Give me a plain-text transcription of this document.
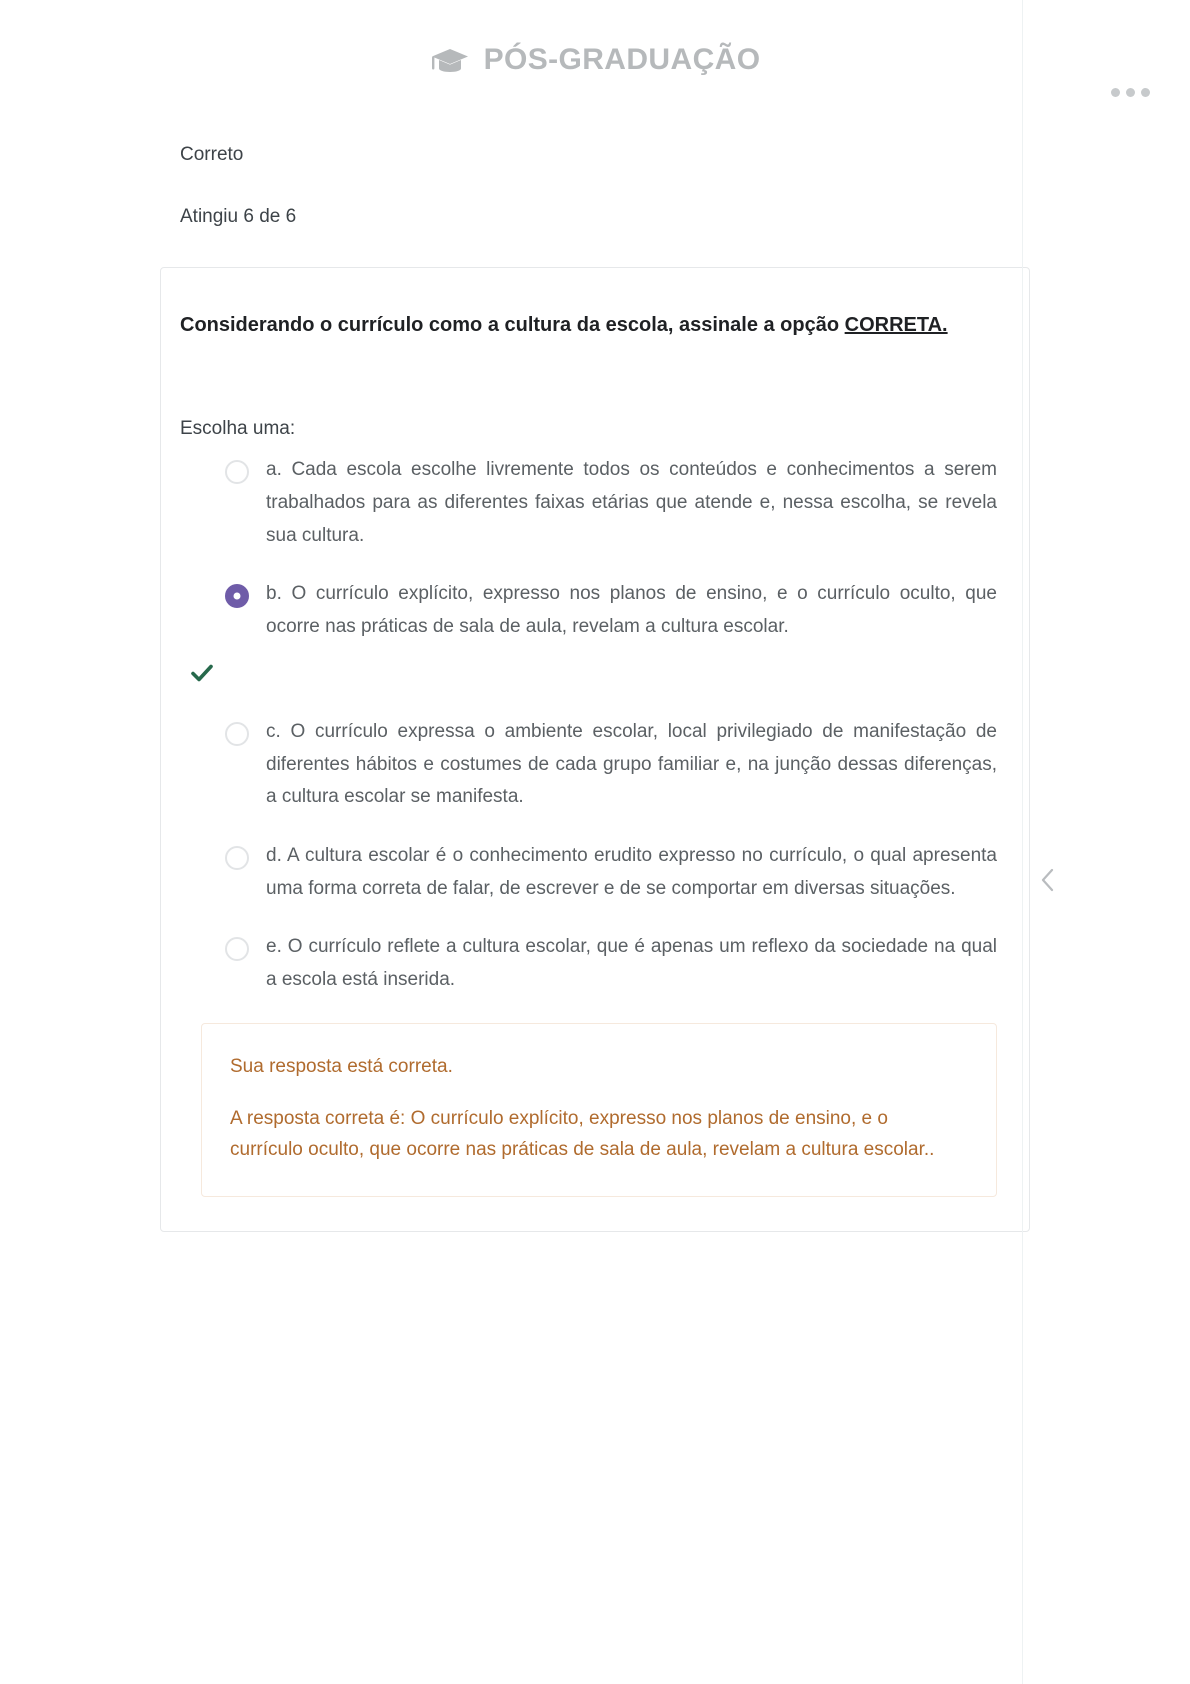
PÓS-GRADUAÇÃO

Correto

Atingiu 6 de 6

Considerando o currículo como a cultura da escola, assinale a opção CORRETA.

Escolha uma:

a. Cada escola escolhe livremente todos os conteúdos e conhecimentos a serem trabalhados para as diferentes faixas etárias que atende e, nessa escolha, se revela sua cultura.
b. O currículo explícito, expresso nos planos de ensino, e o currículo oculto, que ocorre nas práticas de sala de aula, revelam a cultura escolar.
c. O currículo expressa o ambiente escolar, local privilegiado de manifestação de diferentes hábitos e costumes de cada grupo familiar e, na junção dessas diferenças, a cultura escolar se manifesta.
d. A cultura escolar é o conhecimento erudito expresso no currículo, o qual apresenta uma forma correta de falar, de escrever e de se comportar em diversas situações.
e. O currículo reflete a cultura escolar, que é apenas um reflexo da sociedade na qual a escola está inserida.

Sua resposta está correta.

A resposta correta é: O currículo explícito, expresso nos planos de ensino, e o currículo oculto, que ocorre nas práticas de sala de aula, revelam a cultura escolar..
